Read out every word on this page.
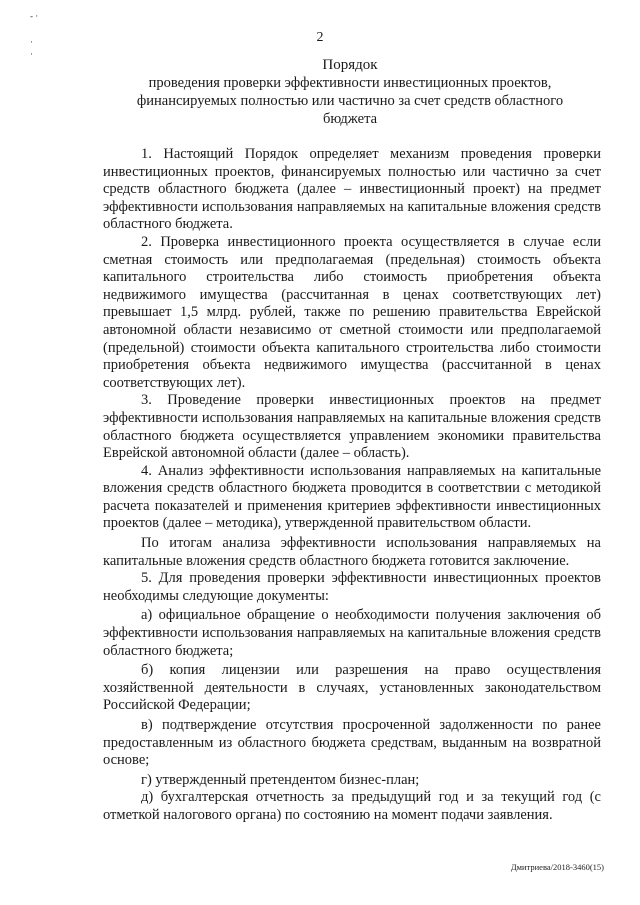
- ·
·
·
2
Порядок
проведения проверки эффективности инвестиционных проектов,
финансируемых полностью или частично за счет средств областного
бюджета

1. Настоящий Порядок определяет механизм проведения проверки инвестиционных проектов, финансируемых полностью или частично за счет средств областного бюджета (далее – инвестиционный проект) на предмет эффективности использования направляемых на капитальные вложения средств областного бюджета.

2. Проверка инвестиционного проекта осуществляется в случае если сметная стоимость или предполагаемая (предельная) стоимость объекта капитального строительства либо стоимость приобретения объекта недвижимого имущества (рассчитанная в ценах соответствующих лет) превышает 1,5 млрд. рублей, также по решению правительства Еврейской автономной области независимо от сметной стоимости или предполагаемой (предельной) стоимости объекта капитального строительства либо стоимости приобретения объекта недвижимого имущества (рассчитанной в ценах соответствующих лет).

3. Проведение проверки инвестиционных проектов на предмет эффективности использования направляемых на капитальные вложения средств областного бюджета осуществляется управлением экономики правительства Еврейской автономной области (далее – область).

4. Анализ эффективности использования направляемых на капитальные вложения средств областного бюджета проводится в соответствии с методикой расчета показателей и применения критериев эффективности инвестиционных проектов (далее – методика), утвержденной правительством области.

По итогам анализа эффективности использования направляемых на капитальные вложения средств областного бюджета готовится заключение.

5. Для проведения проверки эффективности инвестиционных проектов необходимы следующие документы:

а) официальное обращение о необходимости получения заключения об эффективности использования направляемых на капитальные вложения средств областного бюджета;

б) копия лицензии или разрешения на право осуществления хозяйственной деятельности в случаях, установленных законодательством Российской Федерации;

в) подтверждение отсутствия просроченной задолженности по ранее предоставленным из областного бюджета средствам, выданным на возвратной основе;

г) утвержденный претендентом бизнес-план;

д) бухгалтерская отчетность за предыдущий год и за текущий год (с отметкой налогового органа) по состоянию на момент подачи заявления.

Дмитриева/2018-3460(15)
